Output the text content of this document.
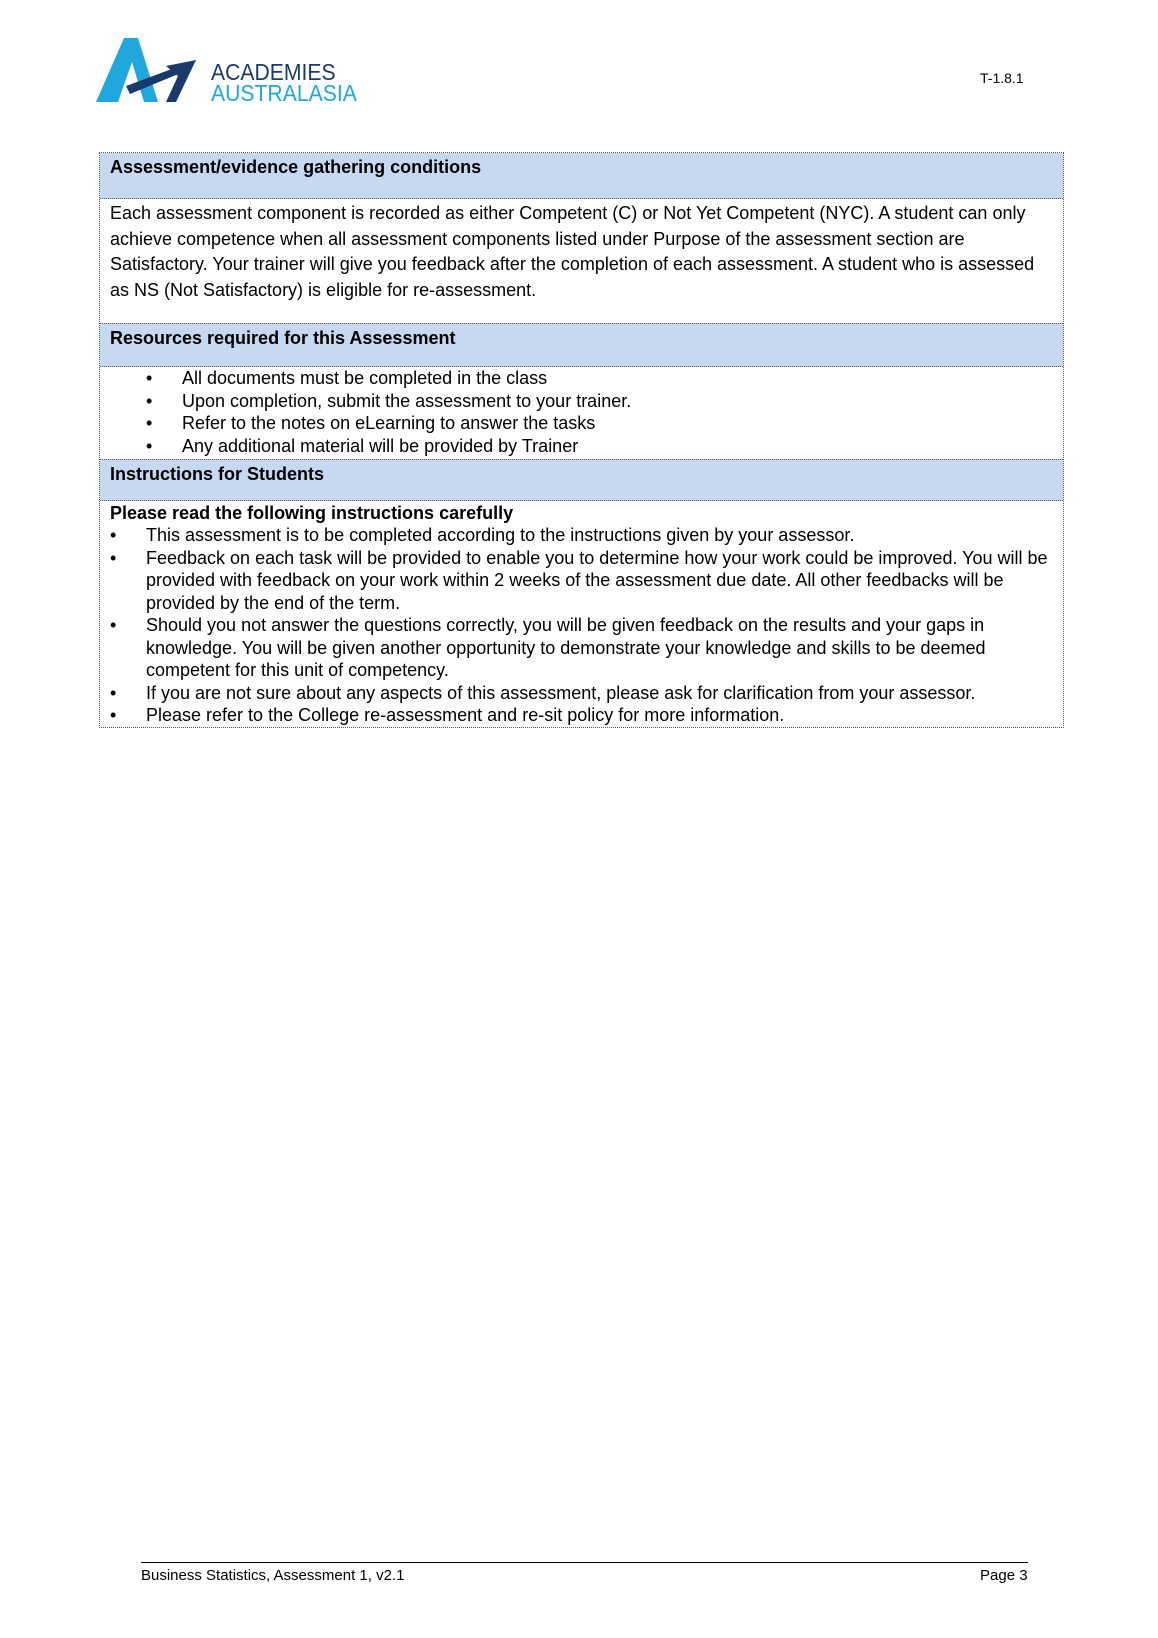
ACADEMIES
AUSTRALASIA
T-1.8.1
Assessment/evidence gathering conditions
Each assessment component is recorded as either Competent (C) or Not Yet Competent (NYC). A student can only achieve competence when all assessment components listed under Purpose of the assessment section are Satisfactory. Your trainer will give you feedback after the completion of each assessment. A student who is assessed as NS (Not Satisfactory) is eligible for re-assessment.
Resources required for this Assessment
• All documents must be completed in the class
• Upon completion, submit the assessment to your trainer.
• Refer to the notes on eLearning to answer the tasks
• Any additional material will be provided by Trainer
Instructions for Students
Please read the following instructions carefully
• This assessment is to be completed according to the instructions given by your assessor.
• Feedback on each task will be provided to enable you to determine how your work could be improved. You will be provided with feedback on your work within 2 weeks of the assessment due date. All other feedbacks will be provided by the end of the term.
• Should you not answer the questions correctly, you will be given feedback on the results and your gaps in knowledge. You will be given another opportunity to demonstrate your knowledge and skills to be deemed competent for this unit of competency.
• If you are not sure about any aspects of this assessment, please ask for clarification from your assessor.
• Please refer to the College re-assessment and re-sit policy for more information.
Business Statistics, Assessment 1, v2.1	Page 3
